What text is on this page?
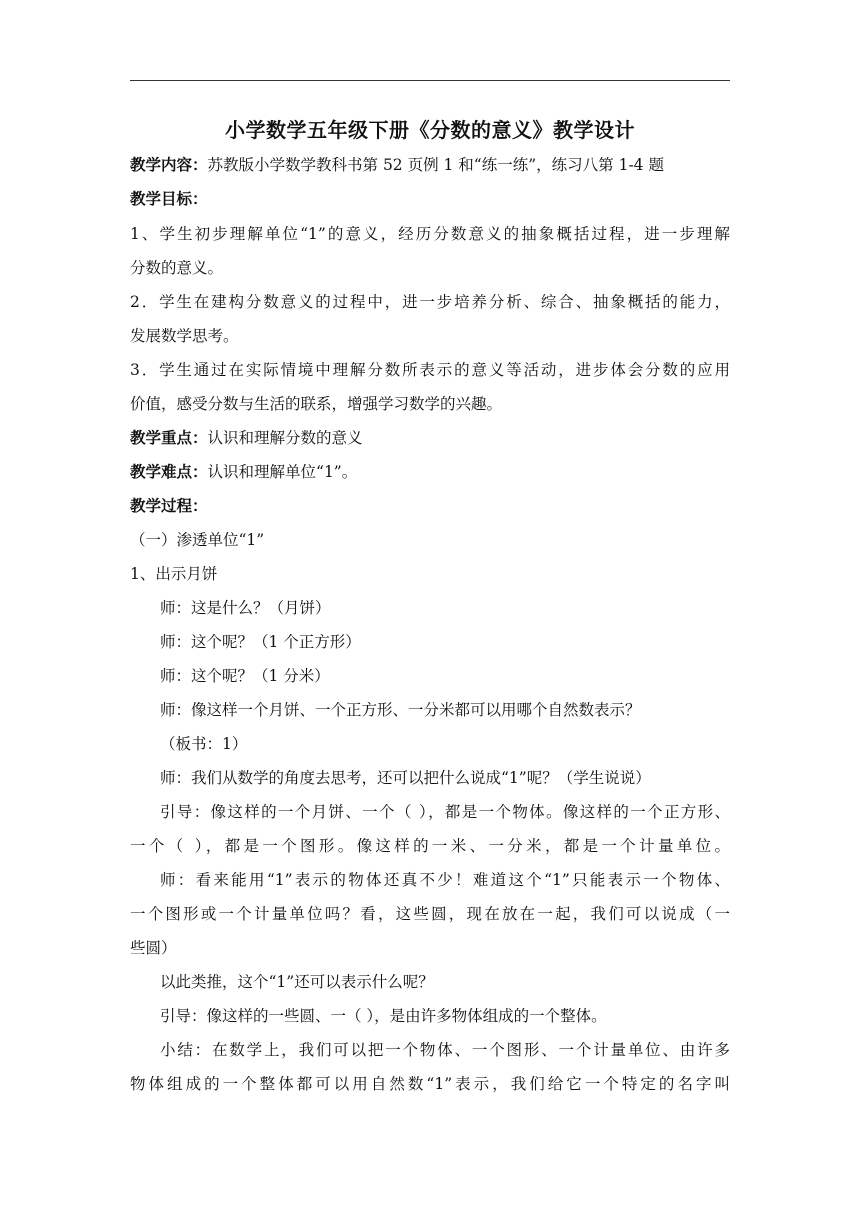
小学数学五年级下册《分数的意义》教学设计
教学内容：苏教版小学数学教科书第 52 页例 1 和“练一练”，练习八第 1-4 题
教学目标：
1、学生初步理解单位“1”的意义，经历分数意义的抽象概括过程，进一步理解
分数的意义。
2．学生在建构分数意义的过程中，进一步培养分析、综合、抽象概括的能力，
发展数学思考。
3．学生通过在实际情境中理解分数所表示的意义等活动，进步体会分数的应用
价值，感受分数与生活的联系，增强学习数学的兴趣。
教学重点：认识和理解分数的意义
教学难点：认识和理解单位“1”。
教学过程：
（一）渗透单位“1”
1、出示月饼
师：这是什么？（月饼）
师：这个呢？（1 个正方形）
师：这个呢？（1 分米）
师：像这样一个月饼、一个正方形、一分米都可以用哪个自然数表示？
（板书：1）
师：我们从数学的角度去思考，还可以把什么说成“1”呢？（学生说说）
引导：像这样的一个月饼、一个（ ），都是一个物体。像这样的一个正方形、
一个（ ），都是一个图形。像这样的一米、一分米，都是一个计量单位。
师：看来能用“1”表示的物体还真不少！难道这个“1”只能表示一个物体、
一个图形或一个计量单位吗？看，这些圆，现在放在一起，我们可以说成（一
些圆）
以此类推，这个“1”还可以表示什么呢？
引导：像这样的一些圆、一（ ），是由许多物体组成的一个整体。
小结：在数学上，我们可以把一个物体、一个图形、一个计量单位、由许多
物体组成的一个整体都可以用自然数“1”表示，我们给它一个特定的名字叫
